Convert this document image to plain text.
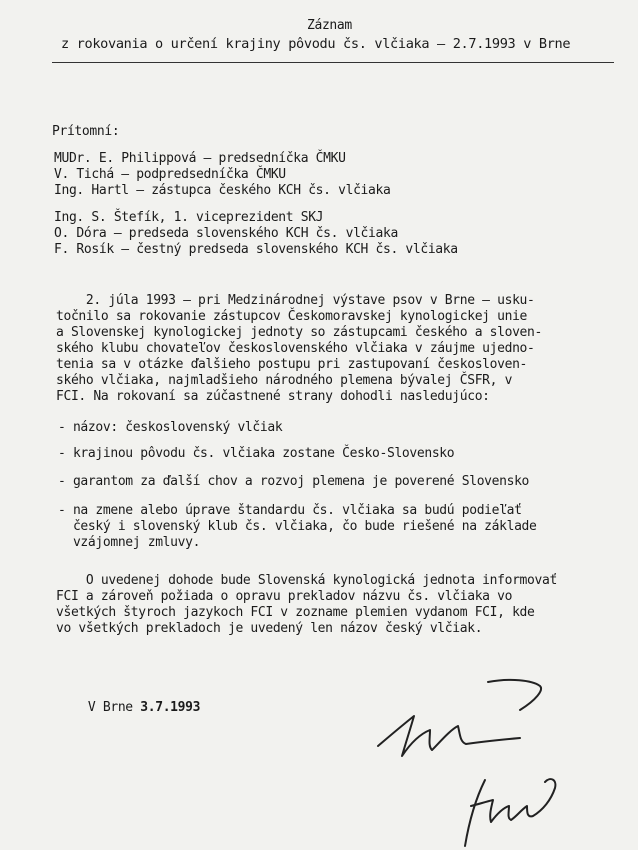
Záznam
z rokovania o určení krajiny pôvodu čs. vlčiaka – 2.7.1993 v Brne
Prítomní:
MUDr. E. Philippová – predsedníčka ČMKU
V. Tichá – podpredsedníčka ČMKU
Ing. Hartl – zástupca českého KCH čs. vlčiaka
Ing. S. Štefík, 1. viceprezident SKJ
O. Dóra – predseda slovenského KCH čs. vlčiaka
F. Rosík – čestný predseda slovenského KCH čs. vlčiaka
2. júla 1993 – pri Medzinárodnej výstave psov v Brne – usku-
točnilo sa rokovanie zástupcov Českomoravskej kynologickej unie
a Slovenskej kynologickej jednoty so zástupcami českého a sloven-
ského klubu chovateľov československého vlčiaka v záujme ujedno-
tenia sa v otázke ďalšieho postupu pri zastupovaní českosloven-
ského vlčiaka, najmladšieho národného plemena bývalej ČSFR, v
FCI. Na rokovaní sa zúčastnené strany dohodli nasledujúco:
- názov: československý vlčiak
- krajinou pôvodu čs. vlčiaka zostane Česko-Slovensko
- garantom za ďalší chov a rozvoj plemena je poverené Slovensko
- na zmene alebo úprave štandardu čs. vlčiaka sa budú podieľať
český i slovenský klub čs. vlčiaka, čo bude riešené na základe
vzájomnej zmluvy.
O uvedenej dohode bude Slovenská kynologická jednota informovať
FCI a zároveň požiada o opravu prekladov názvu čs. vlčiaka vo
všetkých štyroch jazykoch FCI v zozname plemien vydanom FCI, kde
vo všetkých prekladoch je uvedený len názov český vlčiak.

V Brne 3.7.1993
